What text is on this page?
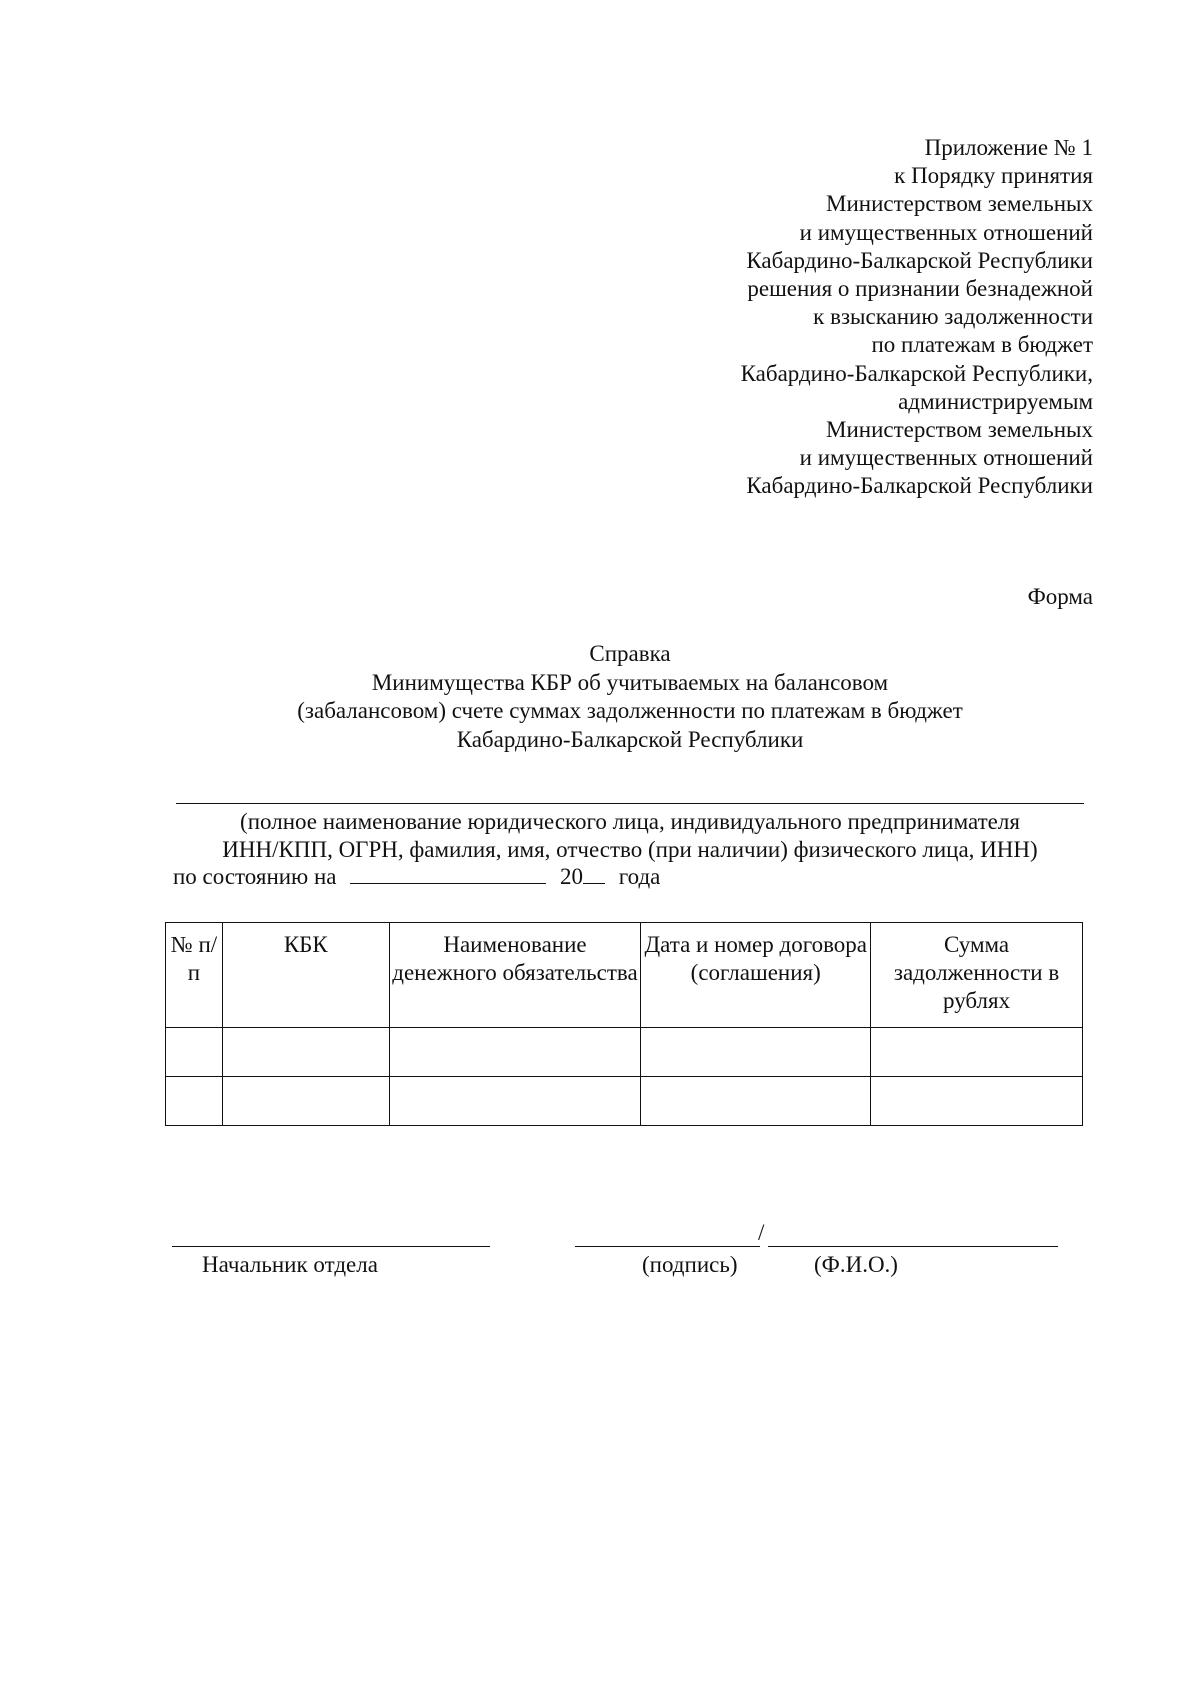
Приложение № 1
к Порядку принятия
Министерством земельных
и имущественных отношений
Кабардино-Балкарской Республики
решения о признании безнадежной
к взысканию задолженности
по платежам в бюджет
Кабардино-Балкарской Республики,
администрируемым
Министерством земельных
и имущественных отношений
Кабардино-Балкарской Республики
Форма
Справка
Минимущества КБР об учитываемых на балансовом
(забалансовом) счете суммах задолженности по платежам в бюджет
Кабардино-Балкарской Республики
(полное наименование юридического лица, индивидуального предпринимателя
ИНН/КПП, ОГРН, фамилия, имя, отчество (при наличии) физического лица, ИНН)
по состоянию на	20 года
№ п/п	КБК	Наименование денежного обязательства	Дата и номер договора (соглашения)	Сумма задолженности в рублях

Начальник отдела
/
(подпись)	(Ф.И.О.)
